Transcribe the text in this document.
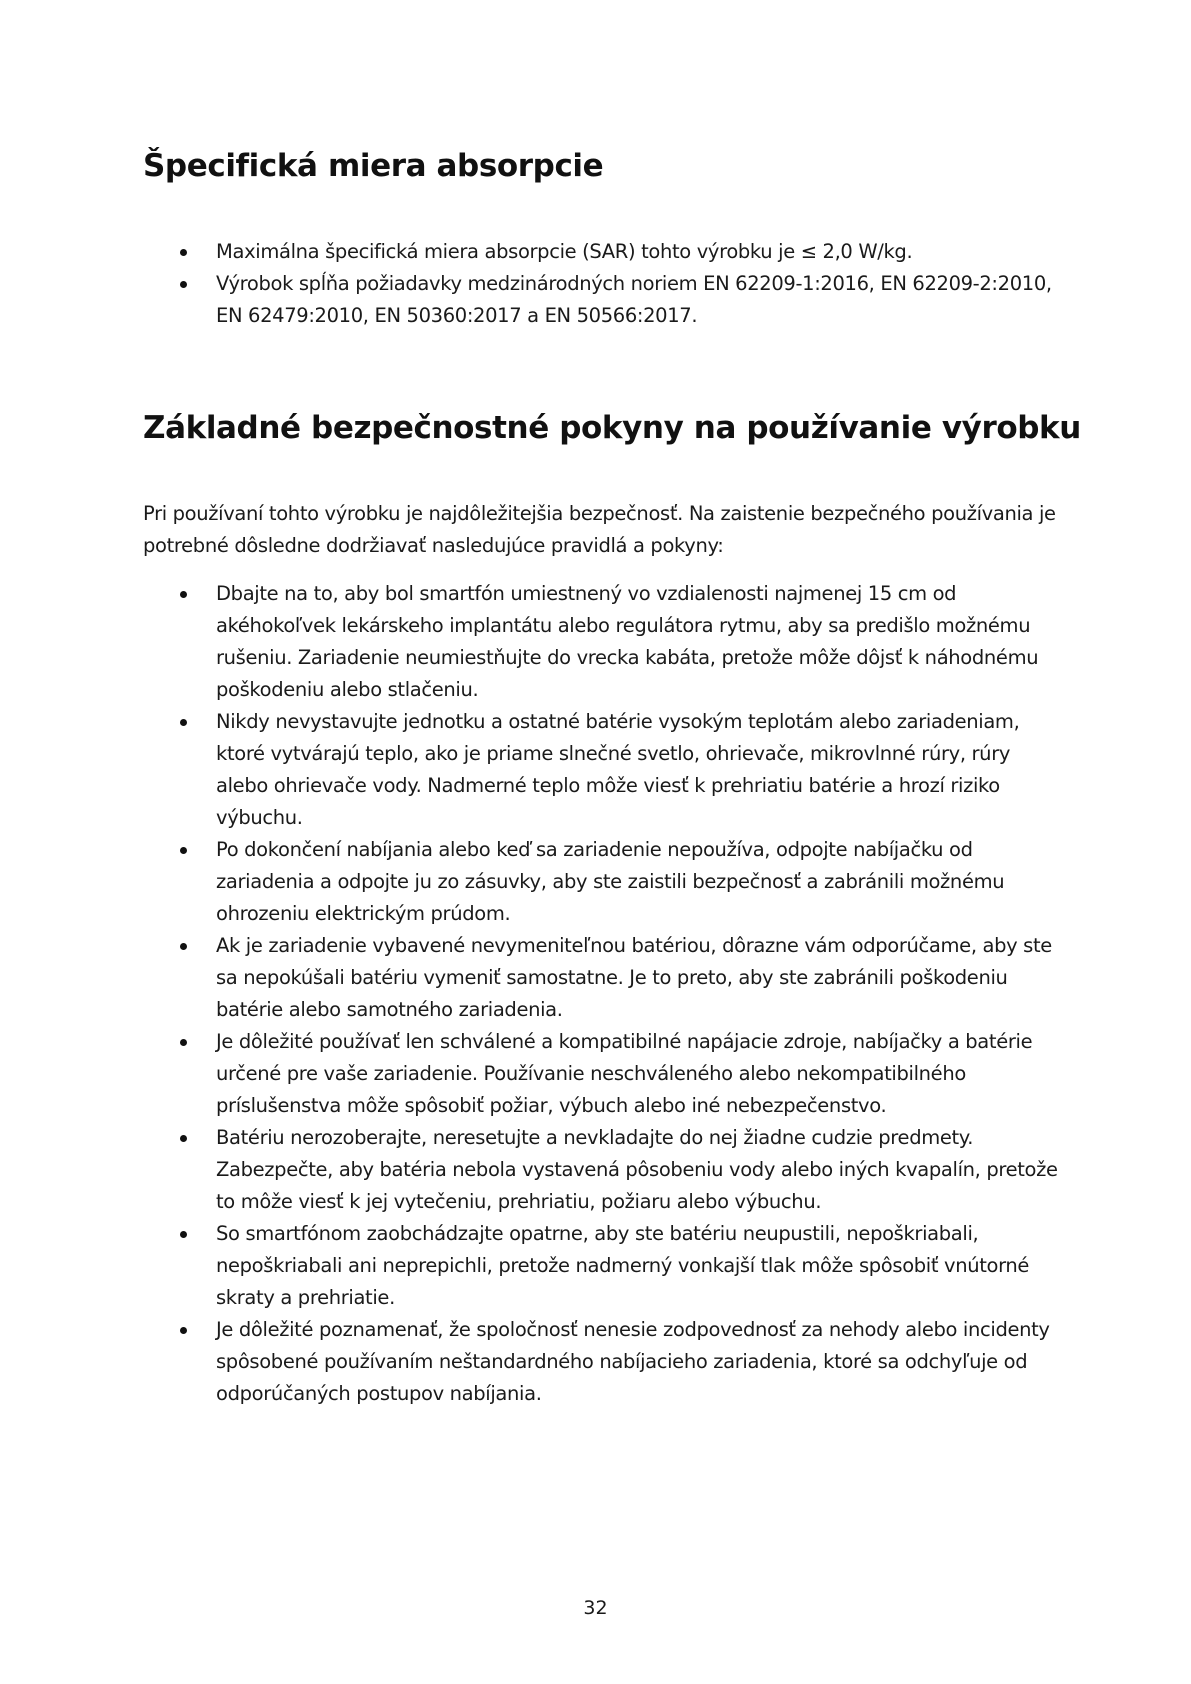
Špecifická miera absorpcie
Maximálna špecifická miera absorpcie (SAR) tohto výrobku je ≤ 2,0 W/kg.
Výrobok spĺňa požiadavky medzinárodných noriem EN 62209-1:2016, EN 62209-2:2010, EN 62479:2010, EN 50360:2017 a EN 50566:2017.
Základné bezpečnostné pokyny na používanie výrobku

Pri používaní tohto výrobku je najdôležitejšia bezpečnosť. Na zaistenie bezpečného používania je potrebné dôsledne dodržiavať nasledujúce pravidlá a pokyny:

Dbajte na to, aby bol smartfón umiestnený vo vzdialenosti najmenej 15 cm od akéhokoľvek lekárskeho implantátu alebo regulátora rytmu, aby sa predišlo možnému rušeniu. Zariadenie neumiestňujte do vrecka kabáta, pretože môže dôjsť k náhodnému poškodeniu alebo stlačeniu.
Nikdy nevystavujte jednotku a ostatné batérie vysokým teplotám alebo zariadeniam, ktoré vytvárajú teplo, ako je priame slnečné svetlo, ohrievače, mikrovlnné rúry, rúry alebo ohrievače vody. Nadmerné teplo môže viesť k prehriatiu batérie a hrozí riziko výbuchu.
Po dokončení nabíjania alebo keď sa zariadenie nepoužíva, odpojte nabíjačku od zariadenia a odpojte ju zo zásuvky, aby ste zaistili bezpečnosť a zabránili možnému ohrozeniu elektrickým prúdom.
Ak je zariadenie vybavené nevymeniteľnou batériou, dôrazne vám odporúčame, aby ste sa nepokúšali batériu vymeniť samostatne. Je to preto, aby ste zabránili poškodeniu batérie alebo samotného zariadenia.
Je dôležité používať len schválené a kompatibilné napájacie zdroje, nabíjačky a batérie určené pre vaše zariadenie. Používanie neschváleného alebo nekompatibilného príslušenstva môže spôsobiť požiar, výbuch alebo iné nebezpečenstvo.
Batériu nerozoberajte, neresetujte a nevkladajte do nej žiadne cudzie predmety. Zabezpečte, aby batéria nebola vystavená pôsobeniu vody alebo iných kvapalín, pretože to môže viesť k jej vytečeniu, prehriatiu, požiaru alebo výbuchu.
So smartfónom zaobchádzajte opatrne, aby ste batériu neupustili, nepoškriabali, nepoškriabali ani neprepichli, pretože nadmerný vonkajší tlak môže spôsobiť vnútorné skraty a prehriatie.
Je dôležité poznamenať, že spoločnosť nenesie zodpovednosť za nehody alebo incidenty spôsobené používaním neštandardného nabíjacieho zariadenia, ktoré sa odchyľuje od odporúčaných postupov nabíjania.
32
